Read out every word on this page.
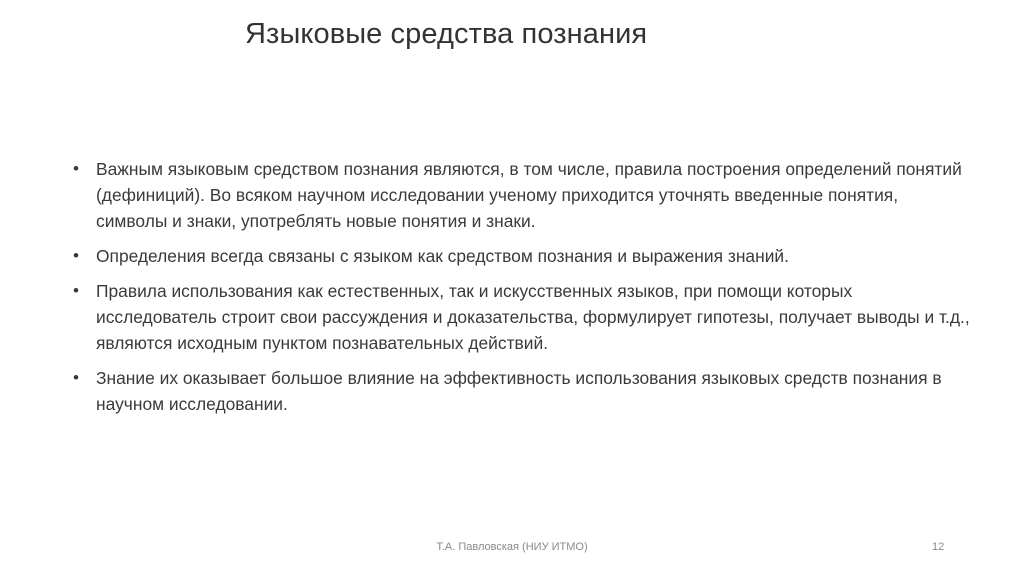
Языковые средства познания
• Важным языковым средством познания являются, в том числе, правила построения определений понятий (дефиниций). Во всяком научном исследовании ученому приходится уточнять введенные понятия, символы и знаки, употреблять новые понятия и знаки.
• Определения всегда связаны с языком как средством познания и выражения знаний.
• Правила использования как естественных, так и искусственных языков, при помощи которых исследователь строит свои рассуждения и доказательства, формулирует гипотезы, получает выводы и т.д., являются исходным пунктом познавательных действий.
• Знание их оказывает большое влияние на эффективность использования языковых средств познания в научном исследовании.
Т.А. Павловская (НИУ ИТМО)	12
